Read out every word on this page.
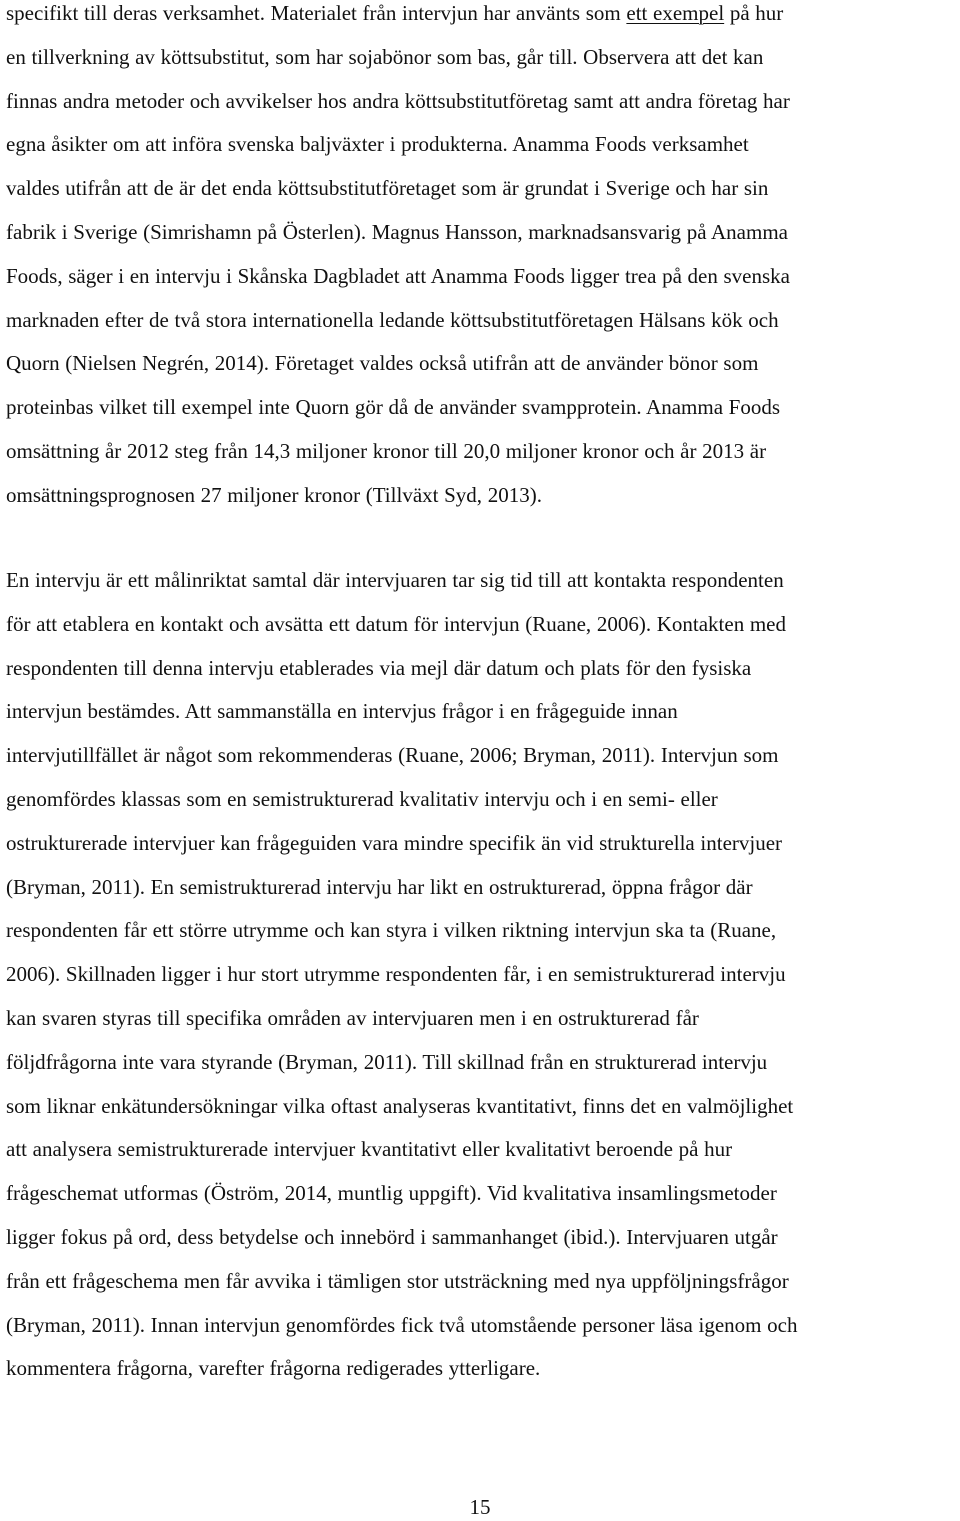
specifikt till deras verksamhet. Materialet från intervjun har använts som ett exempel på hur
en tillverkning av köttsubstitut, som har sojabönor som bas, går till. Observera att det kan
finnas andra metoder och avvikelser hos andra köttsubstitutföretag samt att andra företag har
egna åsikter om att införa svenska baljväxter i produkterna. Anamma Foods verksamhet
valdes utifrån att de är det enda köttsubstitutföretaget som är grundat i Sverige och har sin
fabrik i Sverige (Simrishamn på Österlen). Magnus Hansson, marknadsansvarig på Anamma
Foods, säger i en intervju i Skånska Dagbladet att Anamma Foods ligger trea på den svenska
marknaden efter de två stora internationella ledande köttsubstitutföretagen Hälsans kök och
Quorn (Nielsen Negrén, 2014). Företaget valdes också utifrån att de använder bönor som
proteinbas vilket till exempel inte Quorn gör då de använder svampprotein. Anamma Foods
omsättning år 2012 steg från 14,3 miljoner kronor till 20,0 miljoner kronor och år 2013 är
omsättningsprognosen 27 miljoner kronor (Tillväxt Syd, 2013).

En intervju är ett målinriktat samtal där intervjuaren tar sig tid till att kontakta respondenten
för att etablera en kontakt och avsätta ett datum för intervjun (Ruane, 2006). Kontakten med
respondenten till denna intervju etablerades via mejl där datum och plats för den fysiska
intervjun bestämdes. Att sammanställa en intervjus frågor i en frågeguide innan
intervjutillfället är något som rekommenderas (Ruane, 2006; Bryman, 2011). Intervjun som
genomfördes klassas som en semistrukturerad kvalitativ intervju och i en semi- eller
ostrukturerade intervjuer kan frågeguiden vara mindre specifik än vid strukturella intervjuer
(Bryman, 2011). En semistrukturerad intervju har likt en ostrukturerad, öppna frågor där
respondenten får ett större utrymme och kan styra i vilken riktning intervjun ska ta (Ruane,
2006). Skillnaden ligger i hur stort utrymme respondenten får, i en semistrukturerad intervju
kan svaren styras till specifika områden av intervjuaren men i en ostrukturerad får
följdfrågorna inte vara styrande (Bryman, 2011). Till skillnad från en strukturerad intervju
som liknar enkätundersökningar vilka oftast analyseras kvantitativt, finns det en valmöjlighet
att analysera semistrukturerade intervjuer kvantitativt eller kvalitativt beroende på hur
frågeschemat utformas (Öström, 2014, muntlig uppgift). Vid kvalitativa insamlingsmetoder
ligger fokus på ord, dess betydelse och innebörd i sammanhanget (ibid.). Intervjuaren utgår
från ett frågeschema men får avvika i tämligen stor utsträckning med nya uppföljningsfrågor
(Bryman, 2011). Innan intervjun genomfördes fick två utomstående personer läsa igenom och
kommentera frågorna, varefter frågorna redigerades ytterligare.

15
